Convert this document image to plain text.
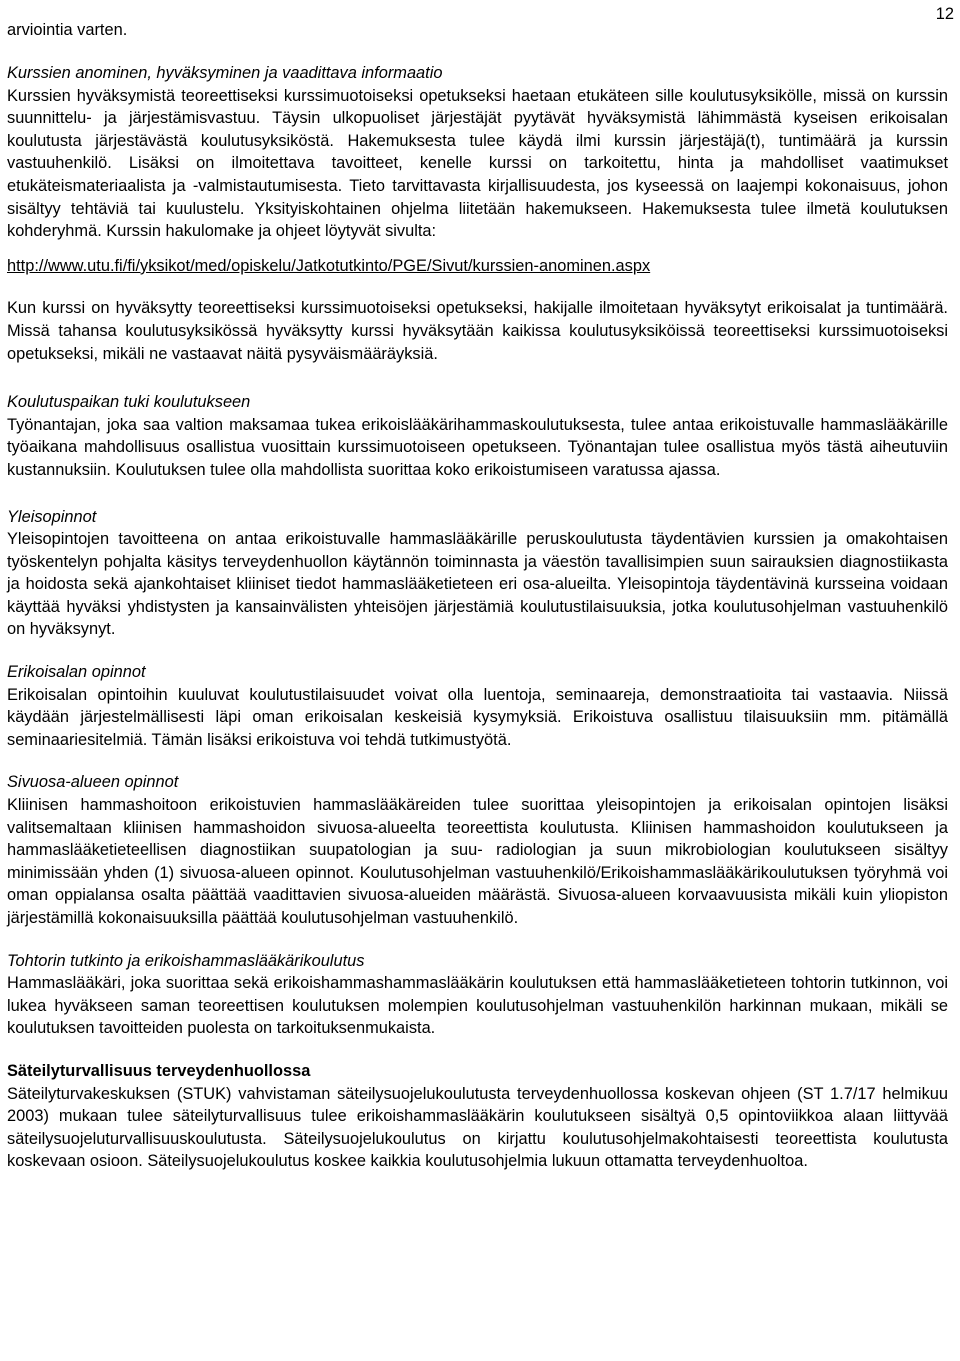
arviointia varten.
12

Kurssien anominen, hyväksyminen ja vaadittava informaatio

Kurssien hyväksymistä teoreettiseksi kurssimuotoiseksi opetukseksi haetaan etukäteen sille koulutusyksikölle, missä on kurssin suunnittelu- ja järjestämisvastuu. Täysin ulkopuoliset järjestäjät pyytävät hyväksymistä lähimmästä kyseisen erikoisalan koulutusta järjestävästä koulutusyksiköstä. Hakemuksesta tulee käydä ilmi kurssin järjestäjä(t), tuntimäärä ja kurssin vastuuhenkilö. Lisäksi on ilmoitettava tavoitteet, kenelle kurssi on tarkoitettu, hinta ja mahdolliset vaatimukset etukäteismateriaalista ja -valmistautumisesta. Tieto tarvittavasta kirjallisuudesta, jos kyseessä on laajempi kokonaisuus, johon sisältyy tehtäviä tai kuulustelu. Yksityiskohtainen ohjelma liitetään hakemukseen. Hakemuksesta tulee ilmetä koulutuksen kohderyhmä. Kurssin hakulomake ja ohjeet löytyvät sivulta:

http://www.utu.fi/fi/yksikot/med/opiskelu/Jatkotutkinto/PGE/Sivut/kurssien-anominen.aspx

Kun kurssi on hyväksytty teoreettiseksi kurssimuotoiseksi opetukseksi, hakijalle ilmoitetaan hyväksytyt erikoisalat ja tuntimäärä. Missä tahansa koulutusyksikössä hyväksytty kurssi hyväksytään kaikissa koulutusyksiköissä teoreettiseksi kurssimuotoiseksi opetukseksi, mikäli ne vastaavat näitä pysyväismääräyksiä.

Koulutuspaikan tuki koulutukseen

Työnantajan, joka saa valtion maksamaa tukea erikoislääkärihammaskoulutuksesta, tulee antaa erikoistuvalle hammaslääkärille työaikana mahdollisuus osallistua vuosittain kurssimuotoiseen opetukseen. Työnantajan tulee osallistua myös tästä aiheutuviin kustannuksiin. Koulutuksen tulee olla mahdollista suorittaa koko erikoistumiseen varatussa ajassa.

Yleisopinnot

Yleisopintojen tavoitteena on antaa erikoistuvalle hammaslääkärille peruskoulutusta täydentävien kurssien ja omakohtaisen työskentelyn pohjalta käsitys terveydenhuollon käytännön toiminnasta ja väestön tavallisimpien suun sairauksien diagnostiikasta ja hoidosta sekä ajankohtaiset kliiniset tiedot hammaslääketieteen eri osa-alueilta. Yleisopintoja täydentävinä kursseina voidaan käyttää hyväksi yhdistysten ja kansainvälisten yhteisöjen järjestämiä koulutustilaisuuksia, jotka koulutusohjelman vastuuhenkilö on hyväksynyt.

Erikoisalan opinnot

Erikoisalan opintoihin kuuluvat koulutustilaisuudet voivat olla luentoja, seminaareja, demonstraatioita tai vastaavia. Niissä käydään järjestelmällisesti läpi oman erikoisalan keskeisiä kysymyksiä. Erikoistuva osallistuu tilaisuuksiin mm. pitämällä seminaariesitelmiä. Tämän lisäksi erikoistuva voi tehdä tutkimustyötä.

Sivuosa-alueen opinnot

Kliinisen hammashoitoon erikoistuvien hammaslääkäreiden tulee suorittaa yleisopintojen ja erikoisalan opintojen lisäksi valitsemaltaan kliinisen hammashoidon sivuosa-alueelta teoreettista koulutusta. Kliinisen hammashoidon koulutukseen ja hammaslääketieteellisen diagnostiikan suupatologian ja suu- radiologian ja suun mikrobiologian koulutukseen sisältyy minimissään yhden (1) sivuosa-alueen opinnot. Koulutusohjelman vastuuhenkilö/Erikoishammaslääkärikoulutuksen työryhmä voi oman oppialansa osalta päättää vaadittavien sivuosa-alueiden määrästä. Sivuosa-alueen korvaavuusista mikäli kuin yliopiston järjestämillä kokonaisuuksilla päättää koulutusohjelman vastuuhenkilö.

Tohtorin tutkinto ja erikoishammaslääkärikoulutus

Hammaslääkäri, joka suorittaa sekä erikoishammashammaslääkärin koulutuksen että hammaslääketieteen tohtorin tutkinnon, voi lukea hyväkseen saman teoreettisen koulutuksen molempien koulutusohjelman vastuuhenkilön harkinnan mukaan, mikäli se koulutuksen tavoitteiden puolesta on tarkoituksenmukaista.

Säteilyturvallisuus terveydenhuollossa

Säteilyturvakeskuksen (STUK) vahvistaman säteilysuojelukoulutusta terveydenhuollossa koskevan ohjeen (ST 1.7/17 helmikuu 2003) mukaan tulee säteilyturvallisuus tulee erikoishammaslääkärin koulutukseen sisältyä 0,5 opintoviikkoa alaan liittyvää säteilysuojeluturvallisuuskoulutusta. Säteilysuojelukoulutus on kirjattu koulutusohjelmakohtaisesti teoreettista koulutusta koskevaan osioon. Säteilysuojelukoulutus koskee kaikkia koulutusohjelmia lukuun ottamatta terveydenhuoltoa.
